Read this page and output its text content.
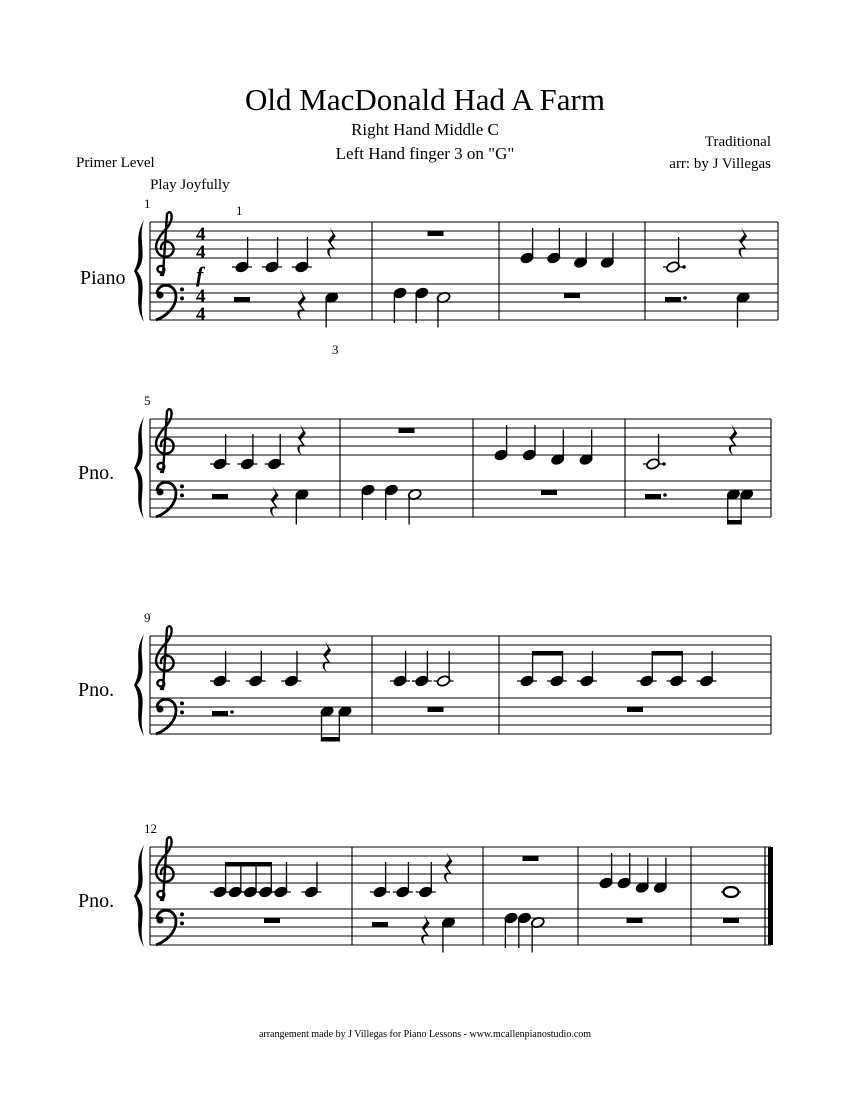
Old MacDonald Had A Farm
Right Hand Middle C
Left Hand finger 3 on "G"
Traditional
arr: by J Villegas
Primer Level
Play Joyfully
arrangement made by J Villegas for Piano Lessons - www.mcallenpianostudio.com
4
4
4
4
f
1
3
Piano
1
Pno.
5
Pno.
9
Pno.
12
